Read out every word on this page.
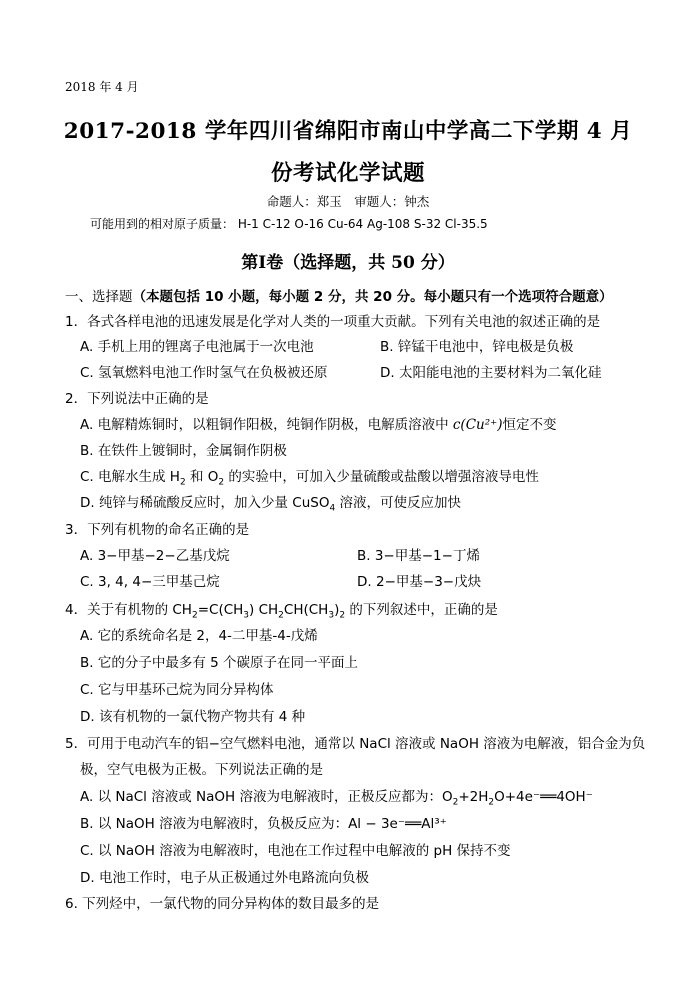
2018 年 4 月
2017-2018 学年四川省绵阳市南山中学高二下学期 4 月
份考试化学试题
命题人：郑玉　审题人：钟杰
可能用到的相对原子质量： H-1 C-12 O-16 Cu-64 Ag-108 S-32 Cl-35.5
第Ⅰ卷（选择题，共 50 分）
一、选择题（本题包括 10 小题，每小题 2 分，共 20 分。每小题只有一个选项符合题意）
1．各式各样电池的迅速发展是化学对人类的一项重大贡献。下列有关电池的叙述正确的是
A. 手机上用的锂离子电池属于一次电池	B. 锌锰干电池中，锌电极是负极
C. 氢氧燃料电池工作时氢气在负极被还原	D. 太阳能电池的主要材料为二氧化硅
2．下列说法中正确的是
A. 电解精炼铜时，以粗铜作阳极，纯铜作阴极，电解质溶液中 c(Cu²⁺)恒定不变
B. 在铁件上镀铜时，金属铜作阴极
C. 电解水生成 $H_2$ 和 $O_2$ 的实验中，可加入少量硫酸或盐酸以增强溶液导电性
D. 纯锌与稀硫酸反应时，加入少量 CuSO$_4$ 溶液，可使反应加快
3．下列有机物的命名正确的是
A. 3−甲基−2−乙基戊烷	B. 3−甲基−1−丁烯
C. 3, 4, 4−三甲基己烷	D. 2−甲基−3−戊炔
4．关于有机物的 $CH_2=C(CH_3)$ $CH_2CH(CH_3)_2$ 的下列叙述中，正确的是
A. 它的系统命名是 2，4-二甲基-4-戊烯
B. 它的分子中最多有 5 个碳原子在同一平面上
C. 它与甲基环己烷为同分异构体
D. 该有机物的一氯代物产物共有 4 种
5．可用于电动汽车的铝−空气燃料电池，通常以 NaCl 溶液或 NaOH 溶液为电解液，铝合金为负
极，空气电极为正极。下列说法正确的是
A. 以 NaCl 溶液或 NaOH 溶液为电解液时，正极反应都为：$O_2+2H_2O+4e^-══4OH^-$
B. 以 NaOH 溶液为电解液时，负极反应为：Al − 3e⁻══Al³⁺
C. 以 NaOH 溶液为电解液时，电池在工作过程中电解液的 pH 保持不变
D. 电池工作时，电子从正极通过外电路流向负极
6. 下列烃中，一氯代物的同分异构体的数目最多的是
